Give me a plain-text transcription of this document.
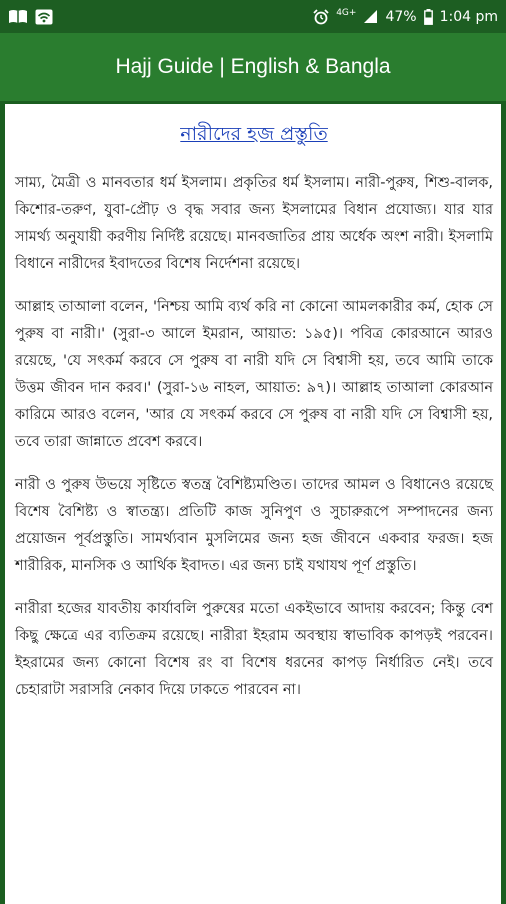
4G+ 47% 1:04 pm
Hajj Guide | English & Bangla
নারীদের হজ প্রস্তুতি

সাম্য, মৈত্রী ও মানবতার ধর্ম ইসলাম। প্রকৃতির ধর্ম ইসলাম। নারী-পুরুষ, শিশু-বালক, কিশোর-তরুণ, যুবা-প্রৌঢ় ও বৃদ্ধ সবার জন্য ইসলামের বিধান প্রযোজ্য। যার যার সামর্থ্য অনুযায়ী করণীয় নির্দিষ্ট রয়েছে। মানবজাতির প্রায় অর্ধেক অংশ নারী। ইসলামি বিধানে নারীদের ইবাদতের বিশেষ নির্দেশনা রয়েছে।

আল্লাহ তাআলা বলেন, 'নিশ্চয় আমি ব্যর্থ করি না কোনো আমলকারীর কর্ম, হোক সে পুরুষ বা নারী।' (সুরা-৩ আলে ইমরান, আয়াত: ১৯৫)। পবিত্র কোরআনে আরও রয়েছে, 'যে সৎকর্ম করবে সে পুরুষ বা নারী যদি সে বিশ্বাসী হয়, তবে আমি তাকে উত্তম জীবন দান করব।' (সুরা-১৬ নাহল, আয়াত: ৯৭)। আল্লাহ তাআলা কোরআন কারিমে আরও বলেন, 'আর যে সৎকর্ম করবে সে পুরুষ বা নারী যদি সে বিশ্বাসী হয়, তবে তারা জান্নাতে প্রবেশ করবে।

নারী ও পুরুষ উভয়ে সৃষ্টিতে স্বতন্ত্র বৈশিষ্ট্যমণ্ডিত। তাদের আমল ও বিধানেও রয়েছে বিশেষ বৈশিষ্ট্য ও স্বাতন্ত্র্য। প্রতিটি কাজ সুনিপুণ ও সুচারুরূপে সম্পাদনের জন্য প্রয়োজন পূর্বপ্রস্তুতি। সামর্থ্যবান মুসলিমের জন্য হজ জীবনে একবার ফরজ। হজ শারীরিক, মানসিক ও আর্থিক ইবাদত। এর জন্য চাই যথাযথ পূর্ণ প্রস্তুতি।

নারীরা হজের যাবতীয় কার্যাবলি পুরুষের মতো একইভাবে আদায় করবেন; কিন্তু বেশ কিছু ক্ষেত্রে এর ব্যতিক্রম রয়েছে। নারীরা ইহরাম অবস্থায় স্বাভাবিক কাপড়ই পরবেন। ইহরামের জন্য কোনো বিশেষ রং বা বিশেষ ধরনের কাপড় নির্ধারিত নেই। তবে চেহারাটা সরাসরি নেকাব দিয়ে ঢাকতে পারবেন না।
